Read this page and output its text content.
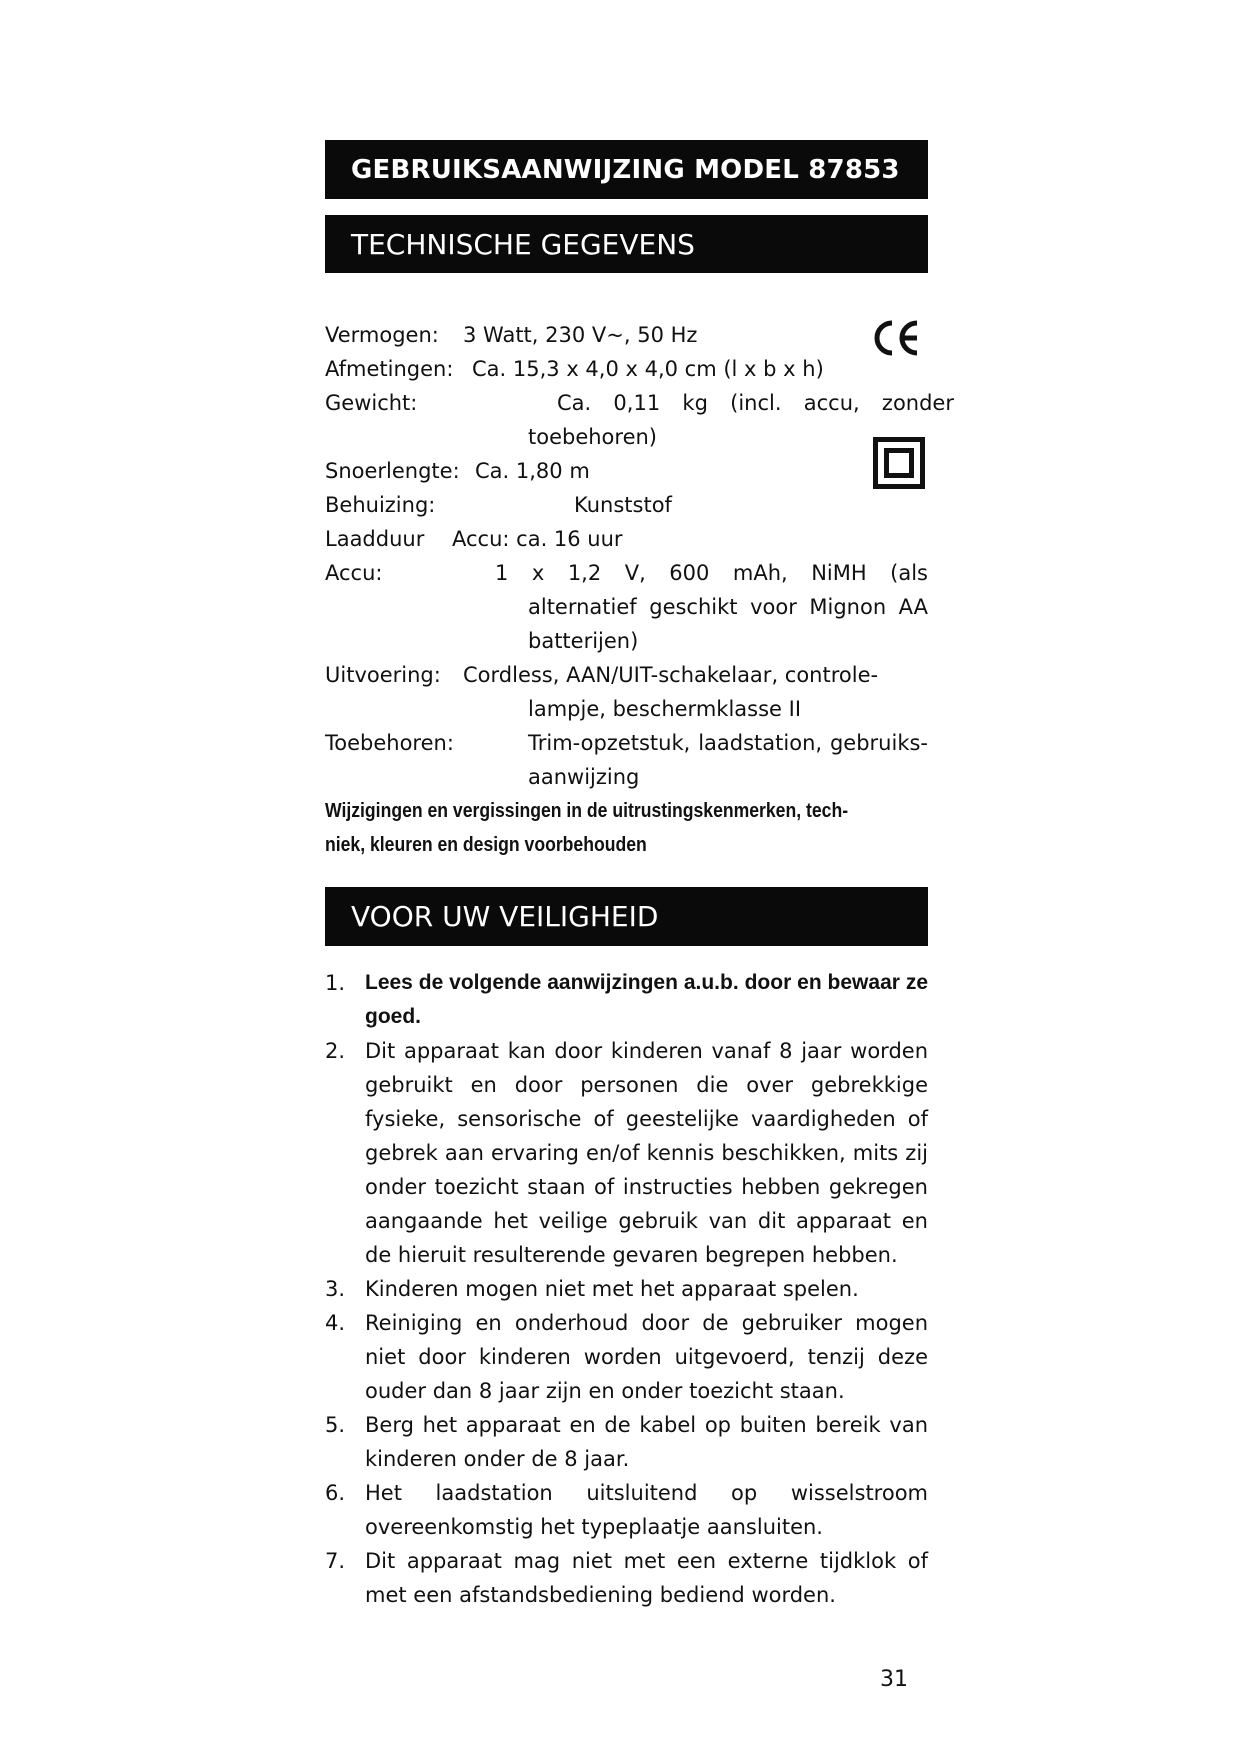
GEBRUIKSAANWIJZING MODEL 87853
TECHNISCHE GEGEVENS
Vermogen: 3 Watt, 230 V~, 50 Hz
Afmetingen: Ca. 15,3 x 4,0 x 4,0 cm (l x b x h)
Gewicht:	Ca. 0,11 kg (incl. accu, zonder
toebehoren)
Snoerlengte: Ca. 1,80 m
Behuizing:	Kunststof
Laadduur Accu: ca. 16 uur
Accu:	1 x 1,2 V, 600 mAh, NiMH (als
alternatief geschikt voor Mignon AA
batterijen)
Uitvoering: Cordless, AAN/UIT-schakelaar, controle-
lampje, beschermklasse II
Toebehoren:	Trim-opzetstuk, laadstation, gebruiks-
aanwijzing
Wijzigingen en vergissingen in de uitrustingskenmerken, tech-
niek, kleuren en design voorbehouden
VOOR UW VEILIGHEID
1. Lees de volgende aanwijzingen a.u.b. door en bewaar ze goed.
2. Dit apparaat kan door kinderen vanaf 8 jaar worden gebruikt en door personen die over gebrekkige fysieke, sensorische of geestelijke vaardigheden of gebrek aan ervaring en/of kennis beschikken, mits zij onder toezicht staan of instructies hebben gekregen aangaande het veilige gebruik van dit apparaat en de hieruit resulterende gevaren begrepen hebben.
3. Kinderen mogen niet met het apparaat spelen.
4. Reiniging en onderhoud door de gebruiker mogen niet door kinderen worden uitgevoerd, tenzij deze ouder dan 8 jaar zijn en onder toezicht staan.
5. Berg het apparaat en de kabel op buiten bereik van kinderen onder de 8 jaar.
6. Het laadstation uitsluitend op wisselstroom overeenkomstig het typeplaatje aansluiten.
7. Dit apparaat mag niet met een externe tijdklok of met een afstandsbediening bediend worden.
31
